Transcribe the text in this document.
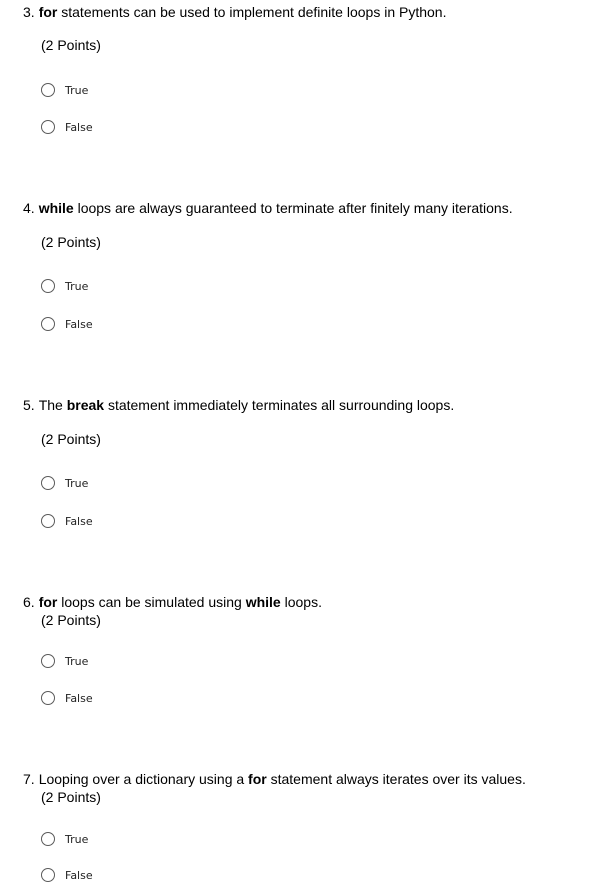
3. for statements can be used to implement definite loops in Python.
(2 Points)
True
False
4. while loops are always guaranteed to terminate after finitely many iterations.
(2 Points)
True
False
5. The break statement immediately terminates all surrounding loops.
(2 Points)
True
False
6. for loops can be simulated using while loops.
(2 Points)
True
False
7. Looping over a dictionary using a for statement always iterates over its values.
(2 Points)
True
False
